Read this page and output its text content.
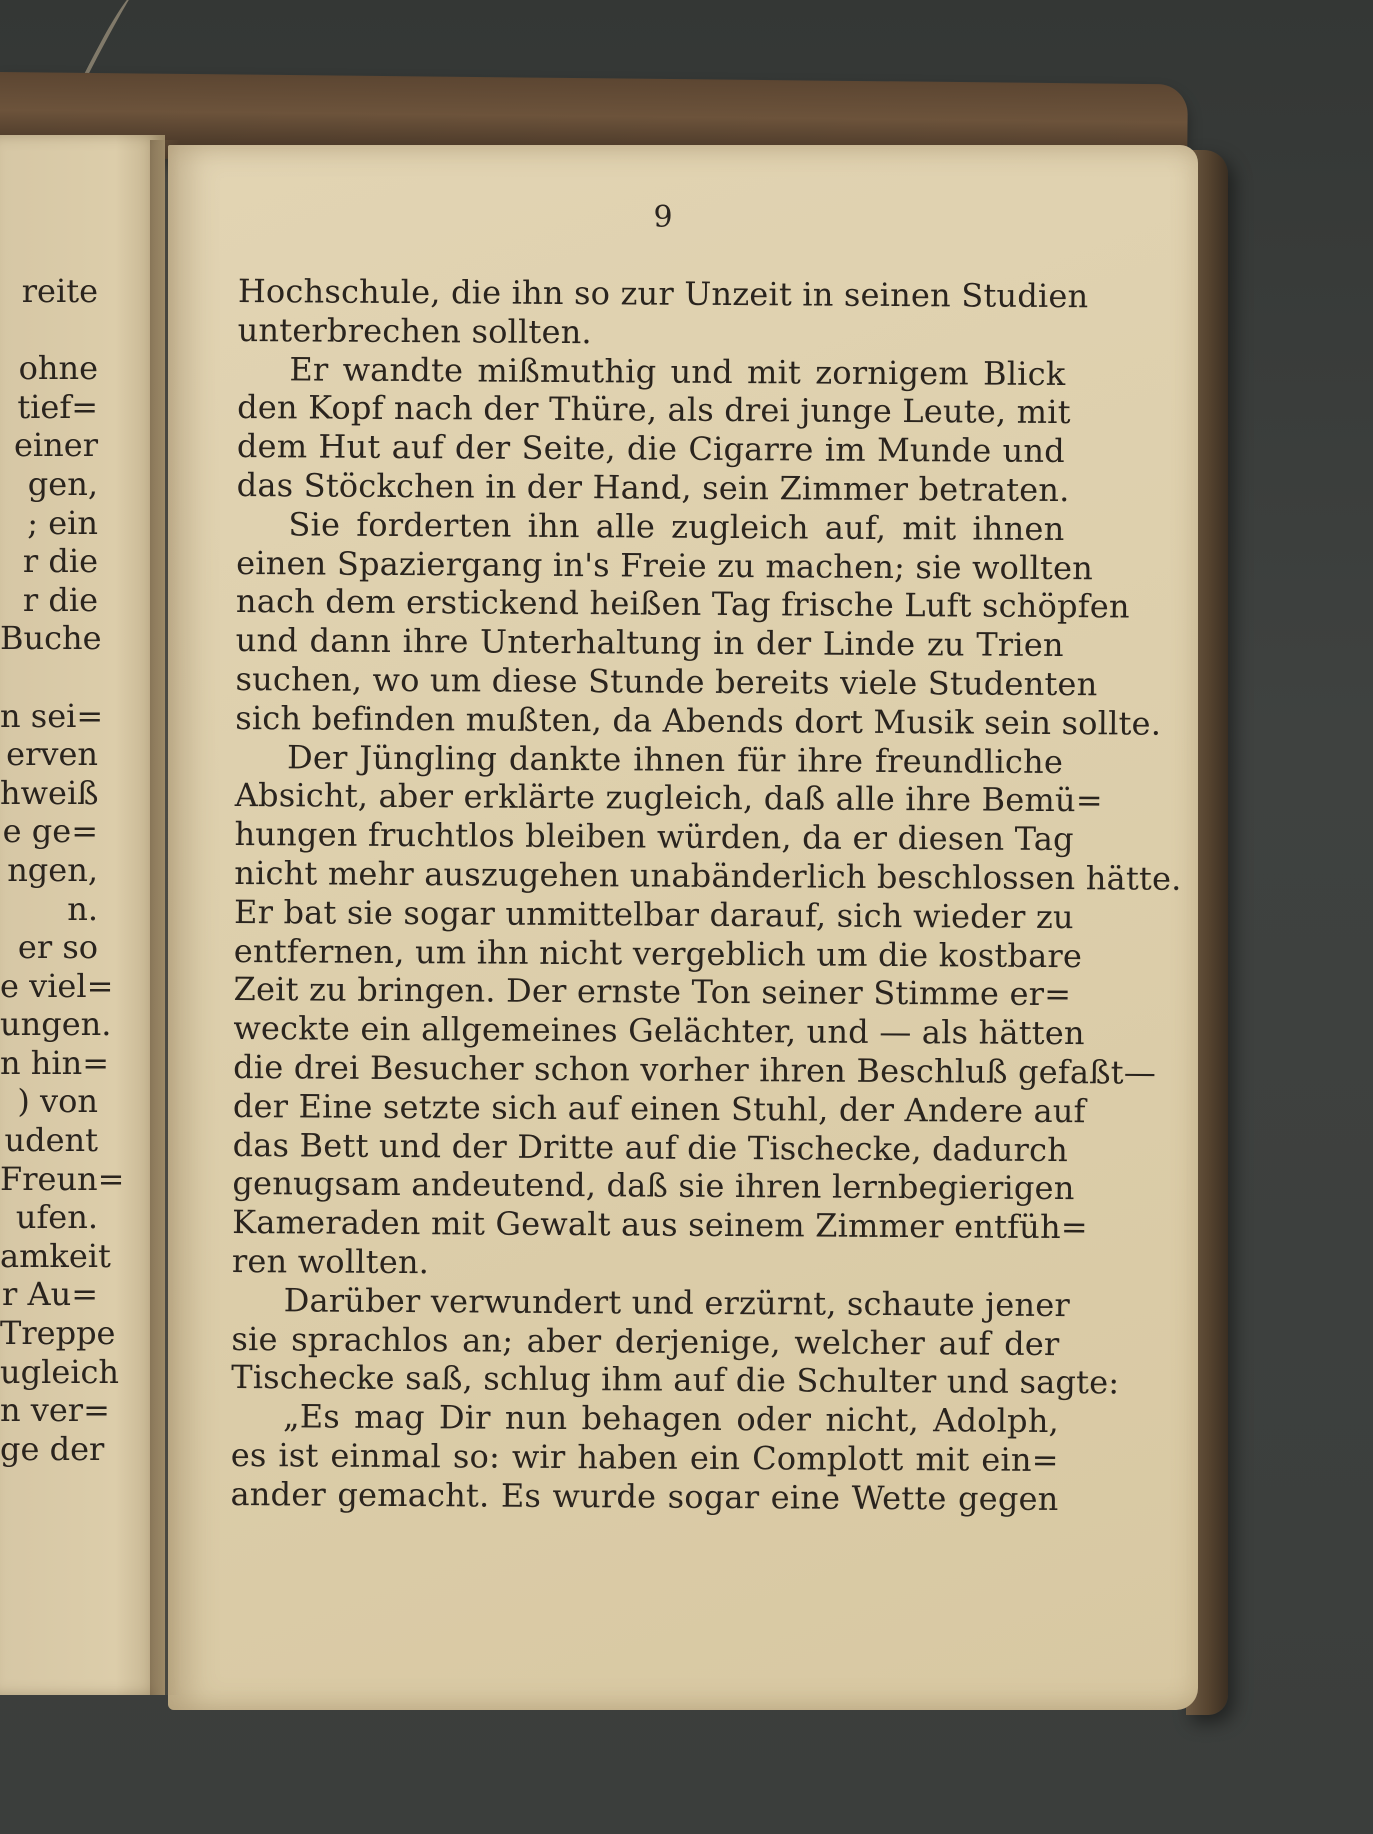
reite
ohne
tief=
einer
gen,
; ein
r die
r die
Buche
n sei=
erven
hweiß
e ge=
ngen,
n.
er so
e viel=
ungen.
n hin=
) von
udent
Freun=
ufen.
amkeit
r Au=
Treppe
ugleich
n ver=
ge der
9
Hochschule, die ihn so zur Unzeit in seinen Studien
unterbrechen sollten.
Er wandte mißmuthig und mit zornigem Blick
den Kopf nach der Thüre, als drei junge Leute, mit
dem Hut auf der Seite, die Cigarre im Munde und
das Stöckchen in der Hand, sein Zimmer betraten.
Sie forderten ihn alle zugleich auf, mit ihnen
einen Spaziergang in's Freie zu machen; sie wollten
nach dem erstickend heißen Tag frische Luft schöpfen
und dann ihre Unterhaltung in der Linde zu Trien
suchen, wo um diese Stunde bereits viele Studenten
sich befinden mußten, da Abends dort Musik sein sollte.
Der Jüngling dankte ihnen für ihre freundliche
Absicht, aber erklärte zugleich, daß alle ihre Bemü=
hungen fruchtlos bleiben würden, da er diesen Tag
nicht mehr auszugehen unabänderlich beschlossen hätte.
Er bat sie sogar unmittelbar darauf, sich wieder zu
entfernen, um ihn nicht vergeblich um die kostbare
Zeit zu bringen. Der ernste Ton seiner Stimme er=
weckte ein allgemeines Gelächter, und — als hätten
die drei Besucher schon vorher ihren Beschluß gefaßt—
der Eine setzte sich auf einen Stuhl, der Andere auf
das Bett und der Dritte auf die Tischecke, dadurch
genugsam andeutend, daß sie ihren lernbegierigen
Kameraden mit Gewalt aus seinem Zimmer entfüh=
ren wollten.
Darüber verwundert und erzürnt, schaute jener
sie sprachlos an; aber derjenige, welcher auf der
Tischecke saß, schlug ihm auf die Schulter und sagte:
„Es mag Dir nun behagen oder nicht, Adolph,
es ist einmal so: wir haben ein Complott mit ein=
ander gemacht. Es wurde sogar eine Wette gegen
